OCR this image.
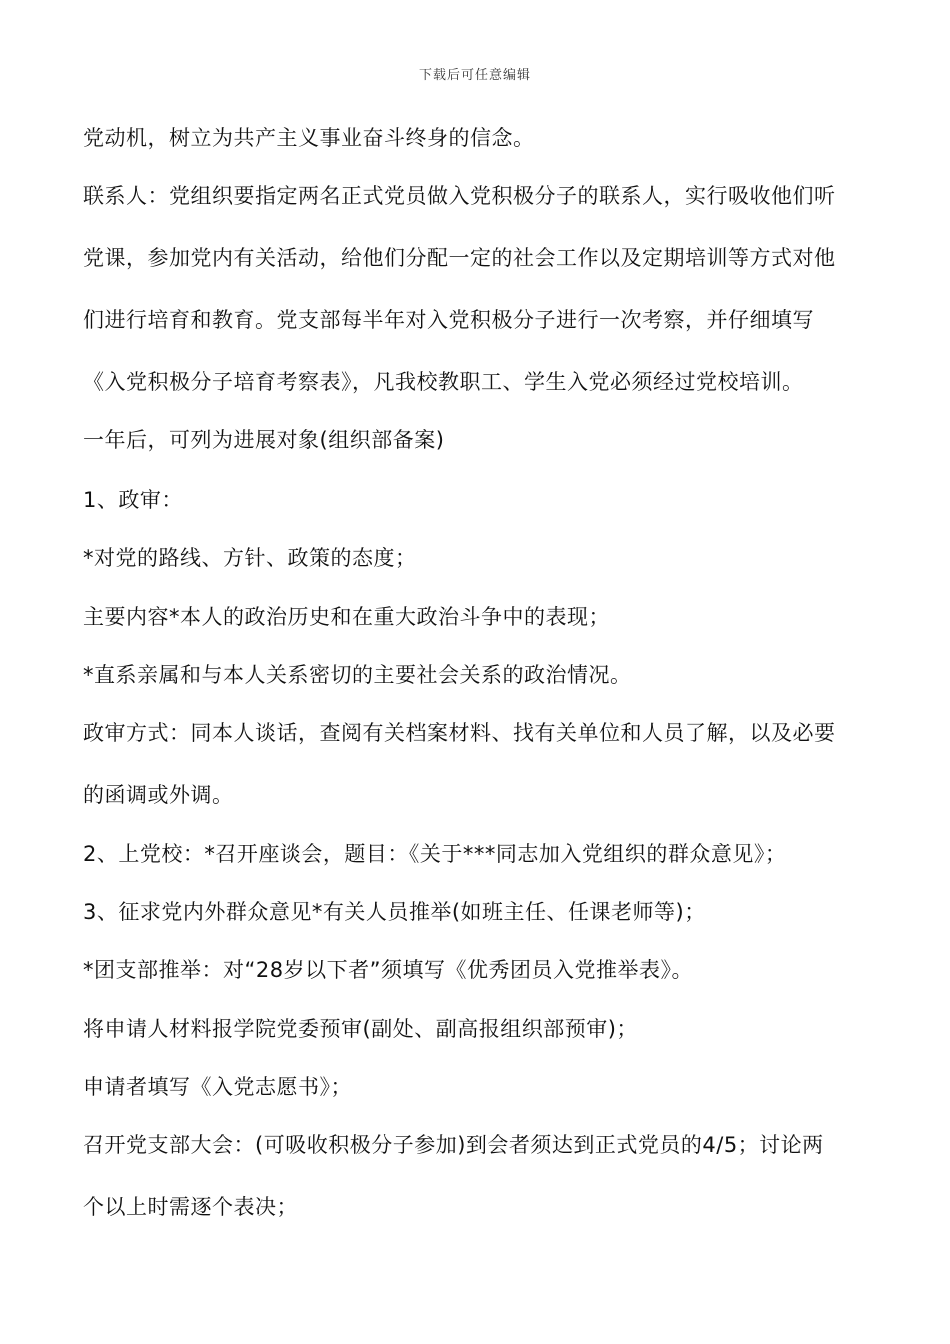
下载后可任意编辑
党动机，树立为共产主义事业奋斗终身的信念。
联系人：党组织要指定两名正式党员做入党积极分子的联系人，实行吸收他们听
党课，参加党内有关活动，给他们分配一定的社会工作以及定期培训等方式对他
们进行培育和教育。党支部每半年对入党积极分子进行一次考察，并仔细填写
《入党积极分子培育考察表》，凡我校教职工、学生入党必须经过党校培训。
一年后，可列为进展对象(组织部备案)
1、政审：
*对党的路线、方针、政策的态度；
主要内容*本人的政治历史和在重大政治斗争中的表现；
*直系亲属和与本人关系密切的主要社会关系的政治情况。
政审方式：同本人谈话，查阅有关档案材料、找有关单位和人员了解，以及必要
的函调或外调。
2、上党校：*召开座谈会，题目：《关于***同志加入党组织的群众意见》；
3、征求党内外群众意见*有关人员推举(如班主任、任课老师等)；
*团支部推举：对“28岁以下者”须填写《优秀团员入党推举表》。
将申请人材料报学院党委预审(副处、副高报组织部预审)；
申请者填写《入党志愿书》；
召开党支部大会：(可吸收积极分子参加)到会者须达到正式党员的4/5；讨论两
个以上时需逐个表决；
